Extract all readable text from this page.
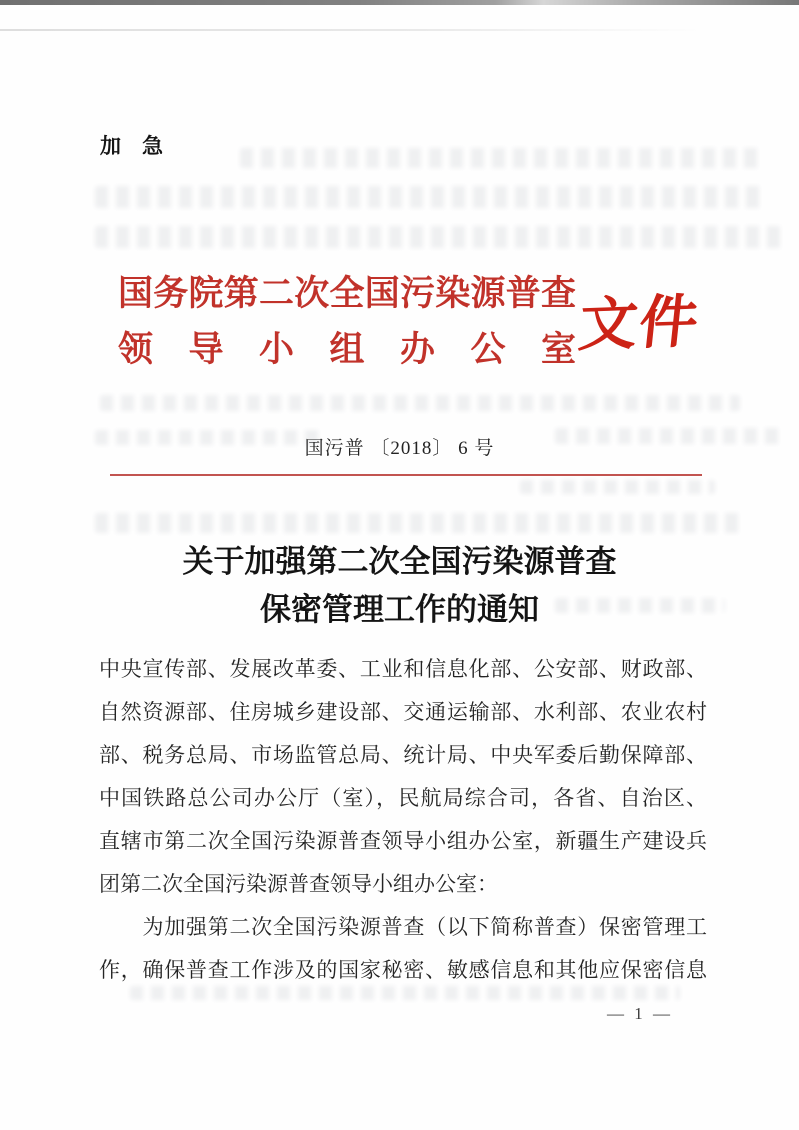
加　急
国务院第二次全国污染源普查
领导小组办公室 文件
国污普 〔2018〕 6 号
关于加强第二次全国污染源普查
保密管理工作的通知
中央宣传部、发展改革委、工业和信息化部、公安部、财政部、
自然资源部、住房城乡建设部、交通运输部、水利部、农业农村
部、税务总局、市场监管总局、统计局、中央军委后勤保障部、
中国铁路总公司办公厅（室），民航局综合司，各省、自治区、
直辖市第二次全国污染源普查领导小组办公室，新疆生产建设兵
团第二次全国污染源普查领导小组办公室：
　　为加强第二次全国污染源普查（以下简称普查）保密管理工
作，确保普查工作涉及的国家秘密、敏感信息和其他应保密信息
— 1 —
